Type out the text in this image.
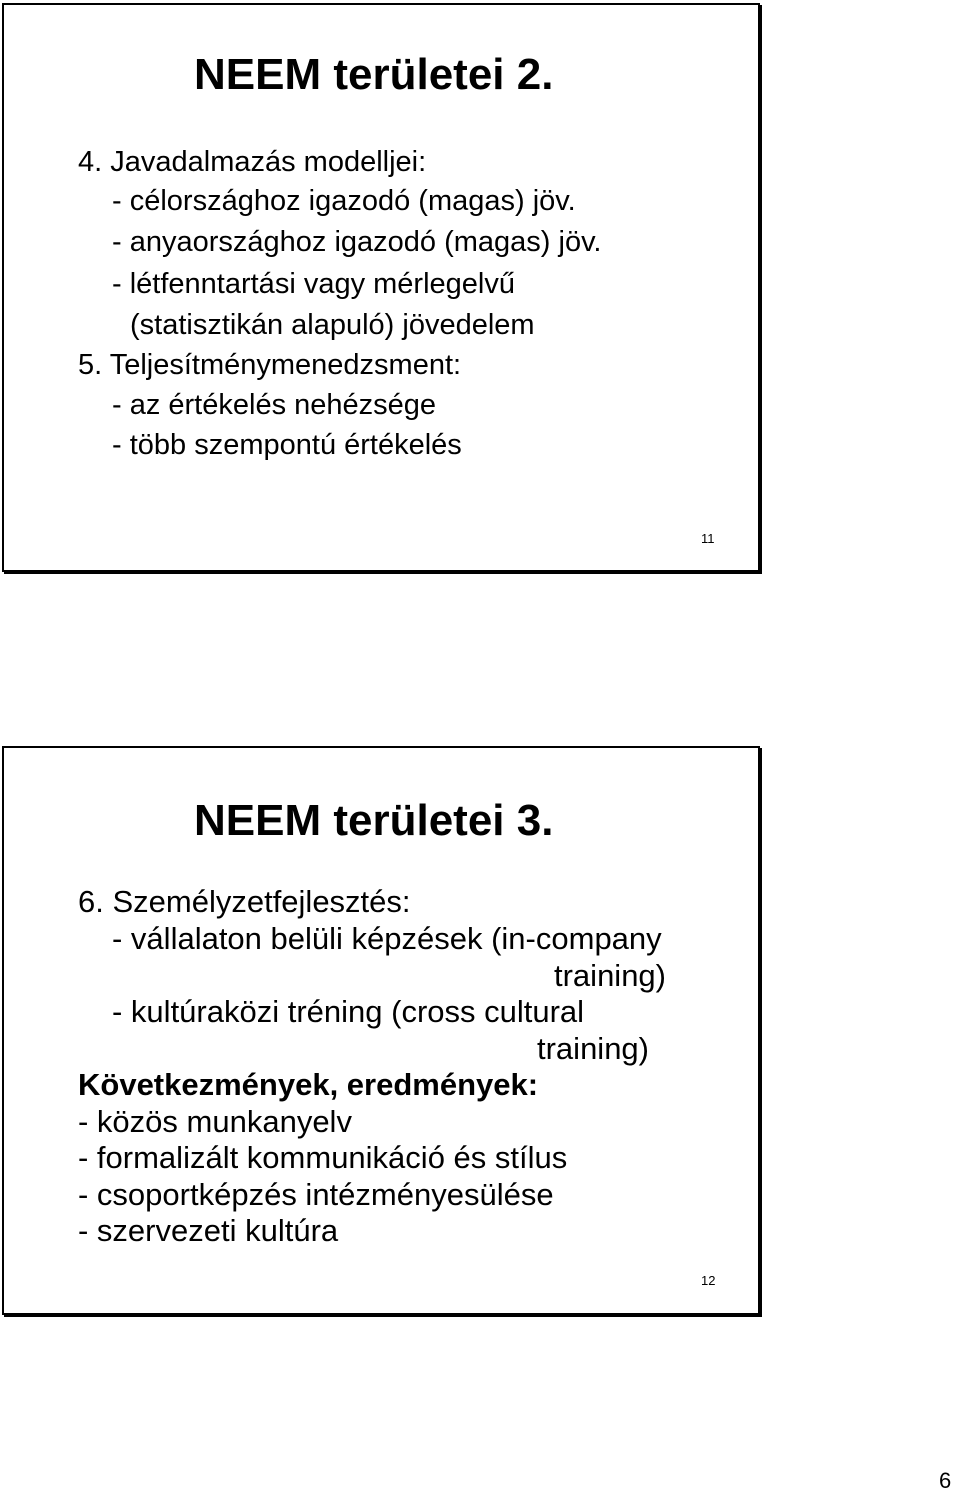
NEEM területei 2.
4. Javadalmazás modelljei:
- célországhoz igazodó (magas) jöv.
- anyaországhoz igazodó (magas) jöv.
- létfenntartási vagy mérlegelvű
(statisztikán alapuló) jövedelem
5. Teljesítménymenedzsment:
- az értékelés nehézsége
- több szempontú értékelés
11
NEEM területei 3.
6. Személyzetfejlesztés:
- vállalaton belüli képzések (in-company
training)
- kultúraközi tréning (cross cultural
training)
Következmények, eredmények:
- közös munkanyelv
- formalizált kommunikáció és stílus
- csoportképzés intézményesülése
- szervezeti kultúra
12
6
